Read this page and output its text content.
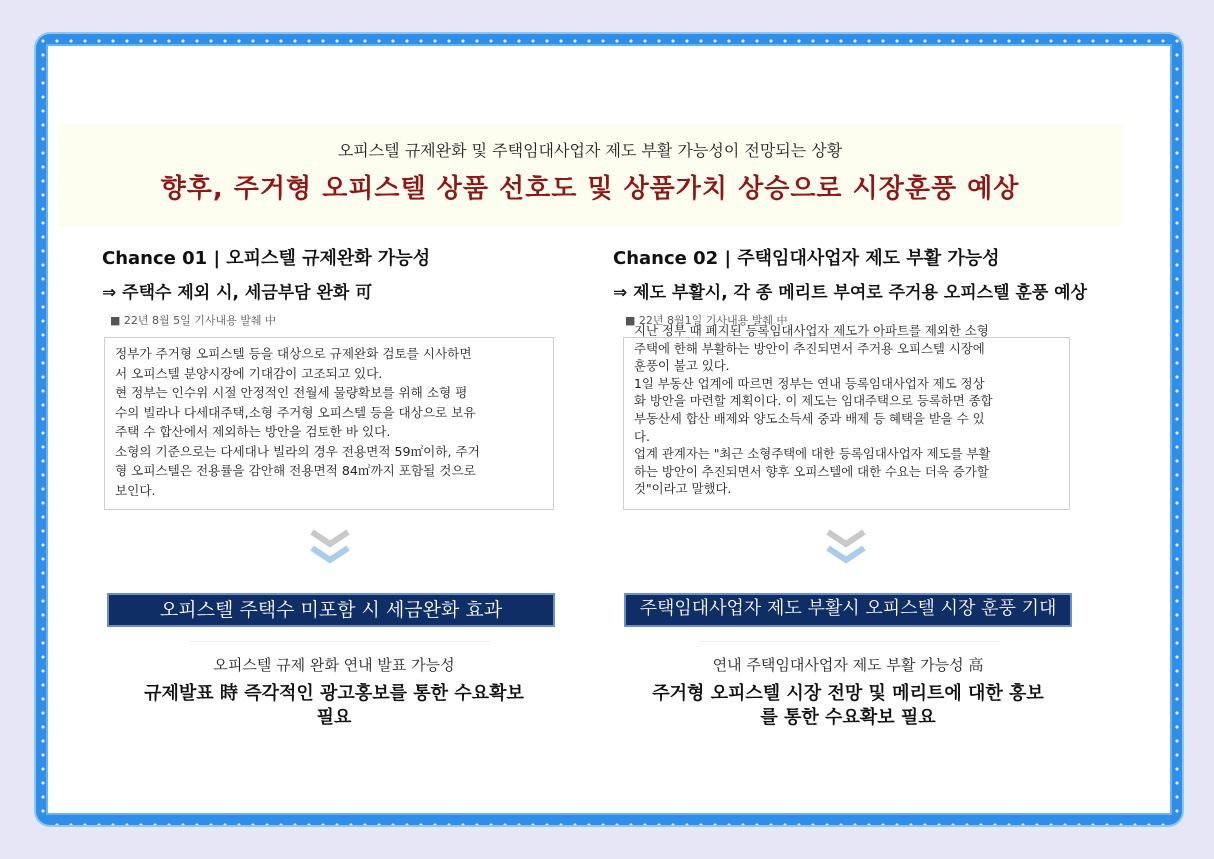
오피스텔 규제완화 및 주택임대사업자 제도 부활 가능성이 전망되는 상황
향후, 주거형 오피스텔 상품 선호도 및 상품가치 상승으로 시장훈풍 예상
Chance 01 | 오피스텔 규제완화 가능성
⇒ 주택수 제외 시, 세금부담 완화 可
■ 22년 8월 5일 기사내용 발췌 中

정부가 주거형 오피스텔 등을 대상으로 규제완화 검토를 시사하면

서 오피스텔 분양시장에 기대감이 고조되고 있다.

현 정부는 인수위 시절 안정적인 전월세 물량확보를 위해 소형 평

수의 빌라나 다세대주택,소형 주거형 오피스텔 등을 대상으로 보유

주택 수 합산에서 제외하는 방안을 검토한 바 있다.

소형의 기준으로는 다세대나 빌라의 경우 전용면적 59㎡이하, 주거

형 오피스텔은 전용률을 감안해 전용면적 84㎡까지 포함될 것으로

보인다.

오피스텔 주택수 미포함 시 세금완화 효과
오피스텔 규제 완화 연내 발표 가능성
규제발표 時 즉각적인 광고홍보를 통한 수요확보
필요
Chance 02 | 주택임대사업자 제도 부활 가능성
⇒ 제도 부활시, 각 종 메리트 부여로 주거용 오피스텔 훈풍 예상
■ 22년 8월1일 기사내용 발췌 中

지난 정부 때 폐지된 등록임대사업자 제도가 아파트를 제외한 소형

주택에 한해 부활하는 방안이 추진되면서 주거용 오피스텔 시장에

훈풍이 불고 있다.

1일 부동산 업계에 따르면 정부는 연내 등록임대사업자 제도 정상

화 방안을 마련할 계획이다. 이 제도는 임대주택으로 등록하면 종합

부동산세 합산 배제와 양도소득세 중과 배제 등 혜택을 받을 수 있

다.

업계 관계자는 "최근 소형주택에 대한 등록임대사업자 제도를 부활

하는 방안이 추진되면서 향후 오피스텔에 대한 수요는 더욱 증가할

것"이라고 말했다.

주택임대사업자 제도 부활시 오피스텔 시장 훈풍 기대
연내 주택임대사업자 제도 부활 가능성 高
주거형 오피스텔 시장 전망 및 메리트에 대한 홍보
를 통한 수요확보 필요
